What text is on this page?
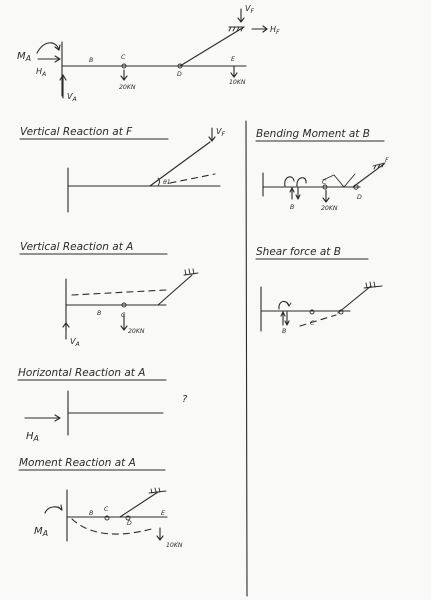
$M_A$
$H_A$
$V_A$
$V_F$
$H_F$
B	C
D
E
20KN
10KN
Vertical Reaction at F	$V_F$
θ1
Bending Moment at B
C
B	20KN
D
F
Vertical Reaction at A
B	C
20KN
$V_A$
Shear force at B
B
C
Horizontal Reaction at A
$H_A$
?
Moment Reaction at A
$M_A$
B
C
D
E
10KN
